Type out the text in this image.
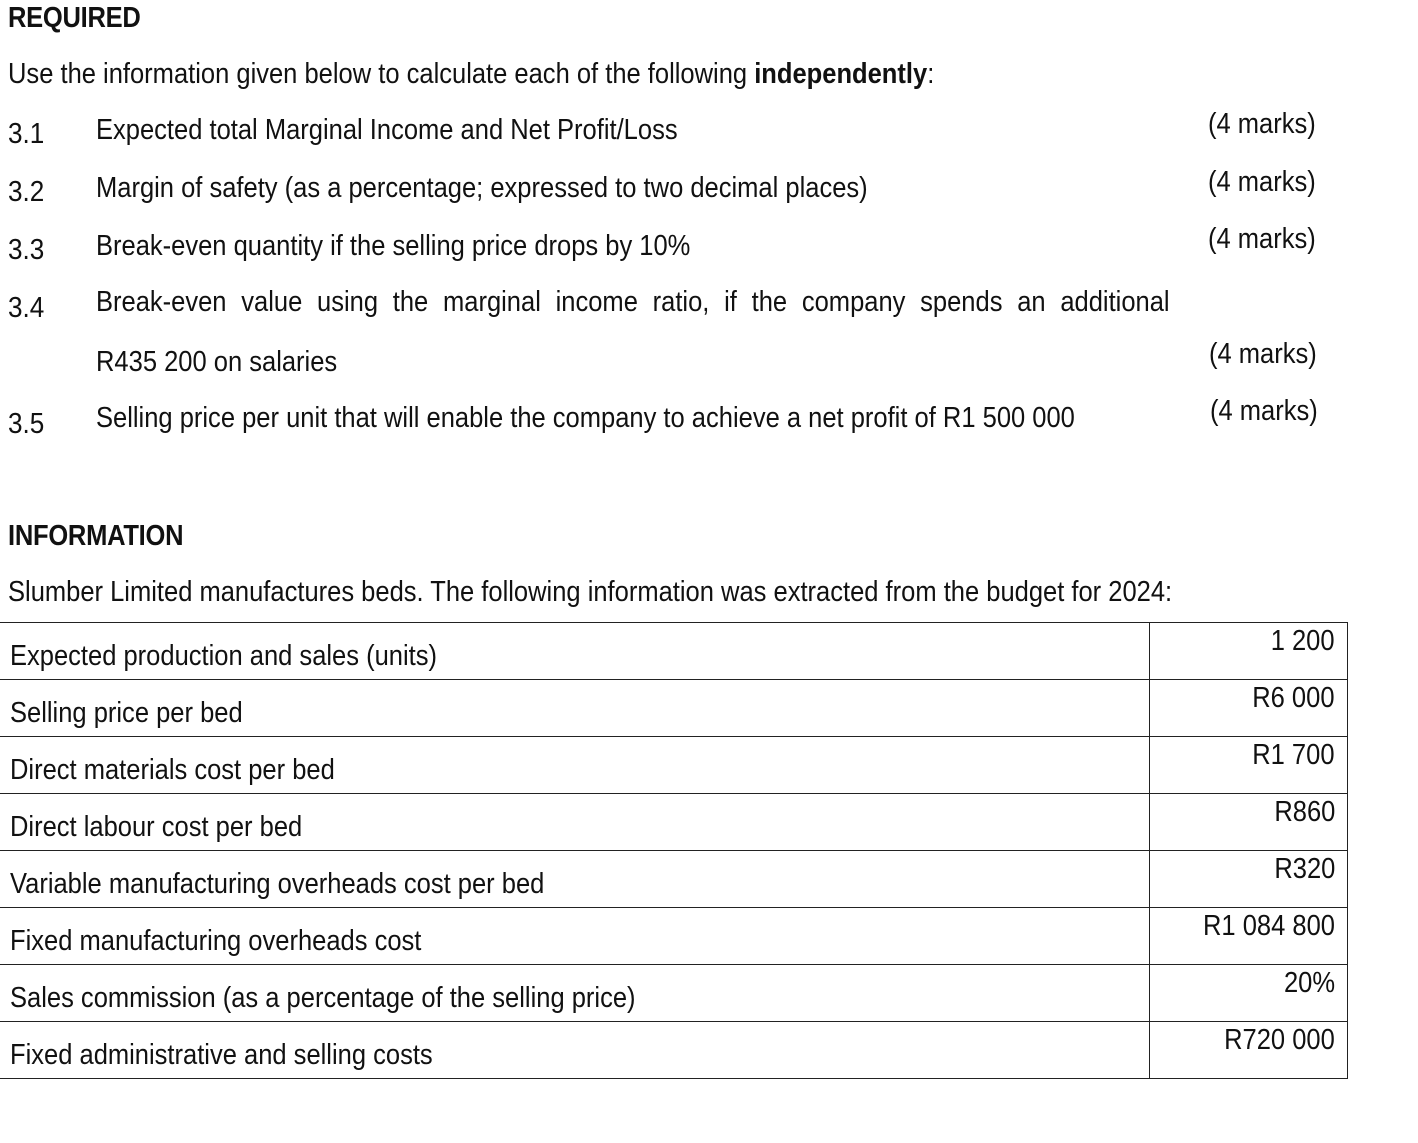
REQUIRED
Use the information given below to calculate each of the following independently:
3.1 Expected total Marginal Income and Net Profit/Loss	(4 marks)
3.2 Margin of safety (as a percentage; expressed to two decimal places)	(4 marks)
3.3 Break-even quantity if the selling price drops by 10%	(4 marks)
3.4 Break-even value using the marginal income ratio, if the company spends an additional
R435 200 on salaries	(4 marks)
3.5 Selling price per unit that will enable the company to achieve a net profit of R1 500 000	(4 marks)
INFORMATION
Slumber Limited manufactures beds. The following information was extracted from the budget for 2024:
Expected production and sales (units)	1 200
Selling price per bed	R6 000
Direct materials cost per bed	R1 700
Direct labour cost per bed	R860
Variable manufacturing overheads cost per bed	R320
Fixed manufacturing overheads cost	R1 084 800
Sales commission (as a percentage of the selling price)	20%
Fixed administrative and selling costs	R720 000
